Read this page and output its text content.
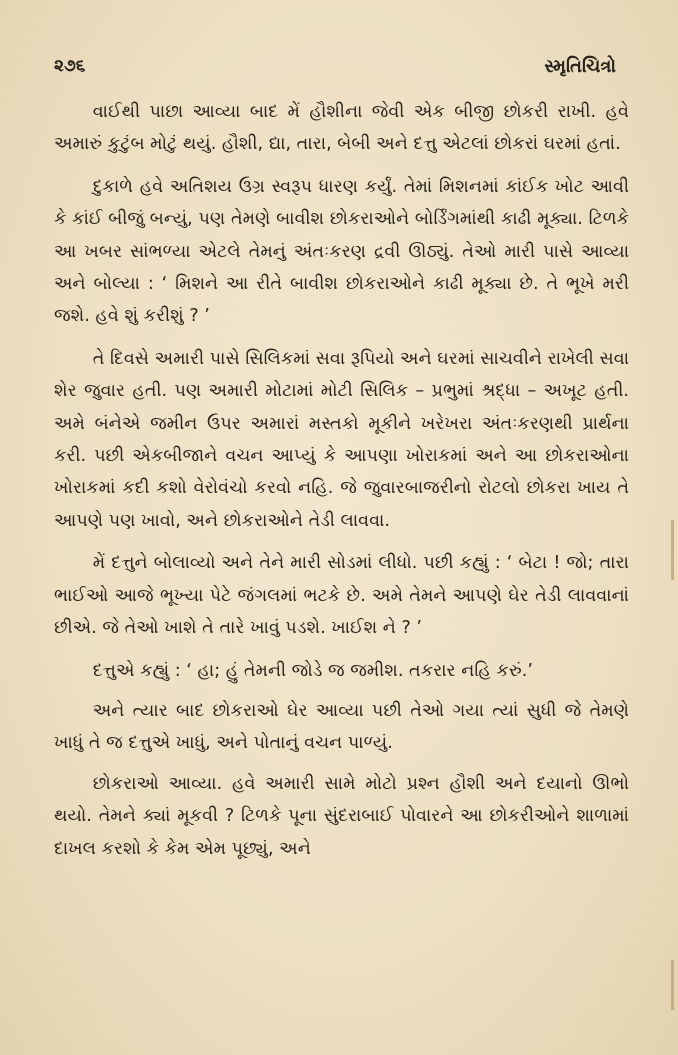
૨૭૬	સ્મૃતિચિત્રો

વાઈથી પાછા આવ્યા બાદ મેં હૌશીના જેવી એક બીજી છોકરી રાખી. હવે અમારું કુટુંબ મોટું થયું. હૌશી, દ્યા, તારા, બેબી અને દત્તુ એટલાં છોકરાં ઘરમાં હતાં.

દુકાળે હવે અતિશય ઉગ્ર સ્વરૂપ ધારણ કર્યું. તેમાં મિશનમાં કાંઈક ખોટ આવી કે કાંઈ બીજું બન્યું, પણ તેમણે બાવીશ છોકરાઓને બોર્ડિંગમાંથી કાઢી મૂક્યા. ટિળકે આ ખબર સાંભળ્યા એટલે તેમનું અંતઃકરણ દ્રવી ઊઠ્યું. તેઓ મારી પાસે આવ્યા અને બોલ્યા : ‘ મિશને આ રીતે બાવીશ છોકરાઓને કાઢી મૂક્યા છે. તે ભૂખે મરી જશે. હવે શું કરીશું ? ’

તે દિવસે અમારી પાસે સિલિકમાં સવા રૂપિયો અને ઘરમાં સાચવીને રાખેલી સવા શેર જુવાર હતી. પણ અમારી મોટામાં મોટી સિલિક – પ્રભુમાં શ્રદ્ધા – અખૂટ હતી. અમે બંનેએ જમીન ઉપર અમારાં મસ્તકો મૂકીને ખરેખરા અંતઃકરણથી પ્રાર્થના કરી. પછી એકબીજાને વચન આપ્યું કે આપણા ખોરાકમાં અને આ છોકરાઓના ખોરાકમાં કદી કશો વેરોવંચો કરવો નહિ. જે જુવારબાજરીનો રોટલો છોકરા ખાય તે આપણે પણ ખાવો, અને છોકરાઓને તેડી લાવવા.

મેં દત્તુને બોલાવ્યો અને તેને મારી સોડમાં લીધો. પછી કહ્યું : ‘ બેટા ! જો; તારા ભાઈઓ આજે ભૂખ્યા પેટે જંગલમાં ભટકે છે. અમે તેમને આપણે ઘેર તેડી લાવવાનાં છીએ. જે તેઓ ખાશે તે તારે ખાવું પડશે. ખાઈશ ને ? ’

દત્તુએ કહ્યું : ‘ હા; હું તેમની જોડે જ જમીશ. તકરાર નહિ કરું.’

અને ત્યાર બાદ છોકરાઓ ઘેર આવ્યા પછી તેઓ ગયા ત્યાં સુધી જે તેમણે ખાધું તે જ દત્તુએ ખાધું, અને પોતાનું વચન પાળ્યું.

છોકરાઓ આવ્યા. હવે અમારી સામે મોટો પ્રશ્ન હૌશી અને દયાનો ઊભો થયો. તેમને ક્યાં મૂકવી ? ટિળકે પૂના સુંદરાબાઈ પોવારને આ છોકરીઓને શાળામાં દાખલ કરશો કે કેમ એમ પૂછ્યું, અને
